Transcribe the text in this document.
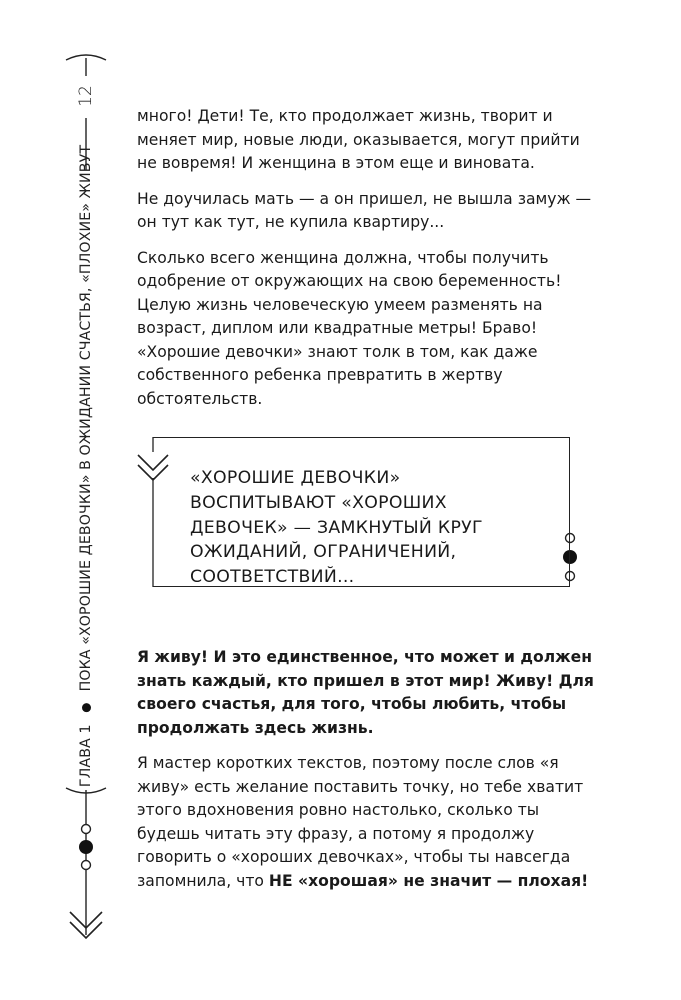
12
ГЛАВА 1
ПОКА «ХОРОШИЕ ДЕВОЧКИ» В ОЖИДАНИИ СЧАСТЬЯ, «ПЛОХИЕ» ЖИВУТ

много! Дети! Те, кто продолжает жизнь, творит и меняет мир, новые люди, оказывается, могут прийти не вовремя! И женщина в этом еще и виновата.

Не доучилась мать — а он пришел, не вышла замуж — он тут как тут, не купила квартиру...

Сколько всего женщина должна, чтобы получить одобрение от окружающих на свою беременность! Целую жизнь человеческую умеем разменять на возраст, диплом или квадратные метры! Браво! «Хорошие девочки» знают толк в том, как даже собственного ребенка превратить в жертву обстоятельств.

«ХОРОШИЕ ДЕВОЧКИ» ВОСПИТЫВАЮТ «ХОРОШИХ ДЕВОЧЕК» — ЗАМКНУТЫЙ КРУГ ОЖИДАНИЙ, ОГРАНИЧЕНИЙ, СООТВЕТСТВИЙ...

Я живу! И это единственное, что может и должен знать каждый, кто пришел в этот мир! Живу! Для своего счастья, для того, чтобы любить, чтобы продолжать здесь жизнь.

Я мастер коротких текстов, поэтому после слов «я живу» есть желание поставить точку, но тебе хватит этого вдохновения ровно настолько, сколько ты будешь читать эту фразу, а потому я продолжу говорить о «хороших девочках», чтобы ты навсегда запомнила, что НЕ «хорошая» не значит — плохая!
